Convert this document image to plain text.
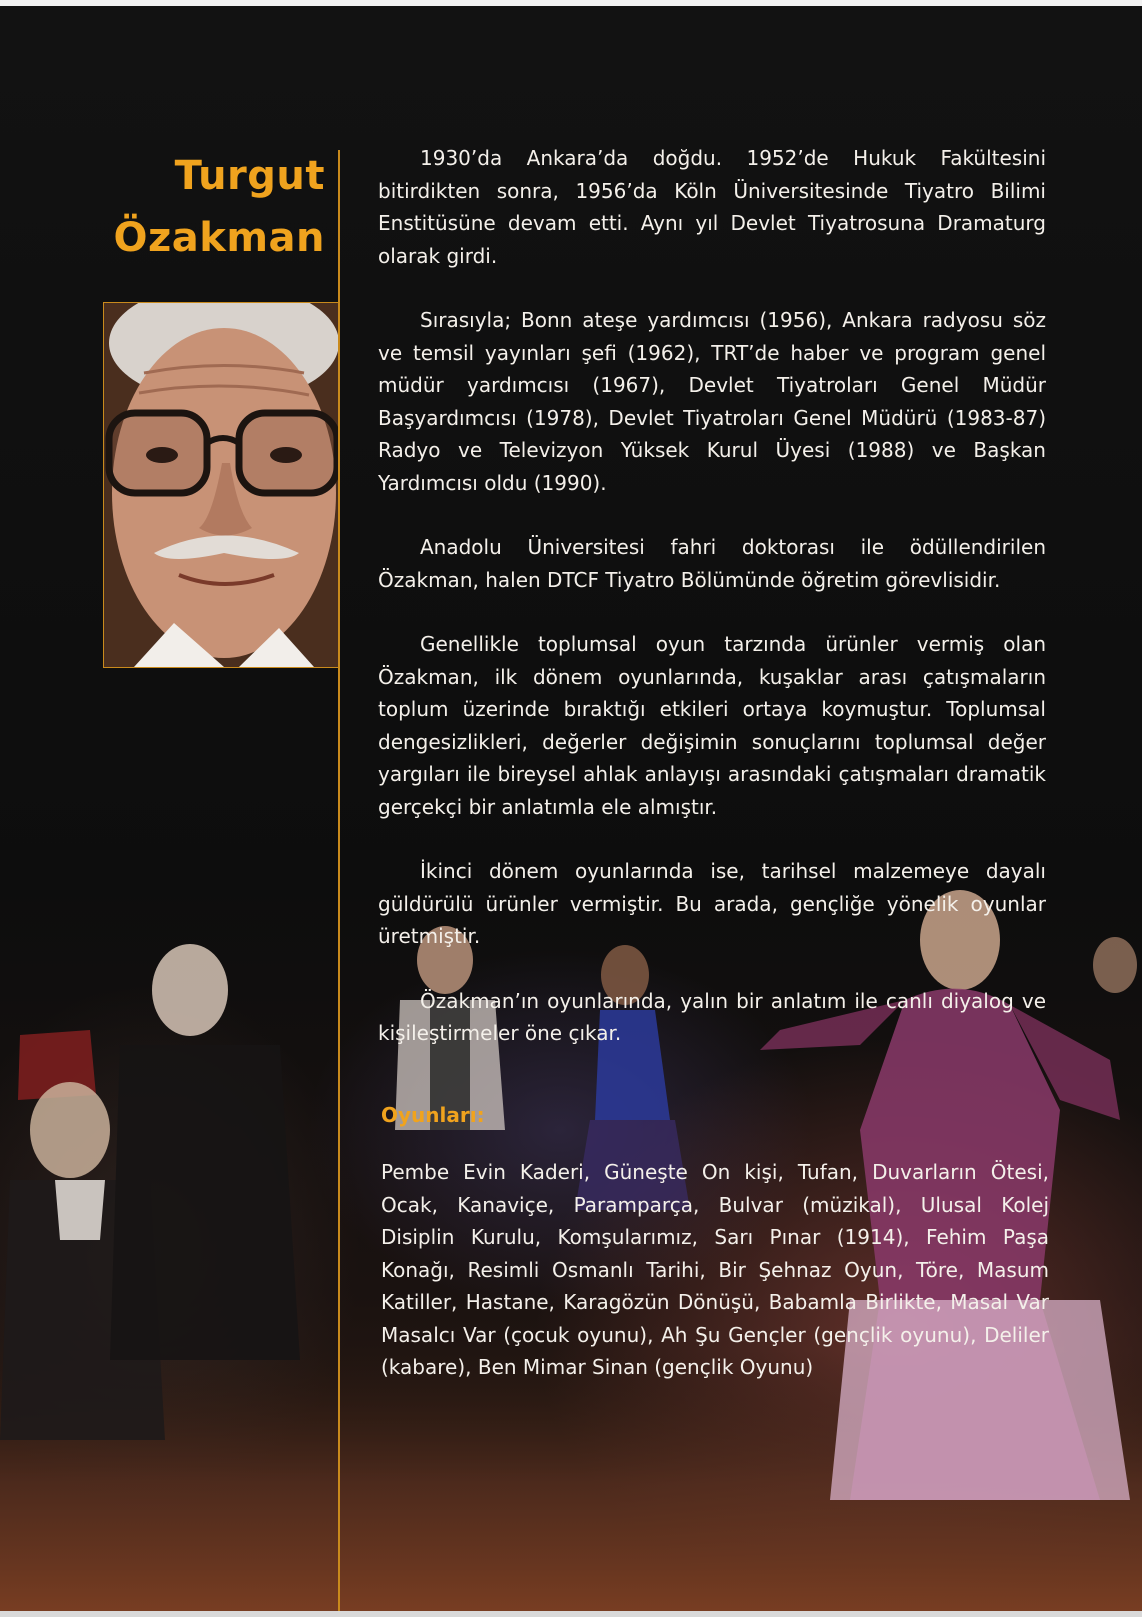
Turgut
Özakman

1930’da Ankara’da doğdu. 1952’de Hukuk Fakültesini bitirdikten sonra, 1956’da Köln Üniversitesinde Tiyatro Bilimi Enstitüsüne devam etti. Aynı yıl Devlet Tiyatrosuna Dramaturg olarak girdi.

Sırasıyla; Bonn ateşe yardımcısı (1956), Ankara radyosu söz ve temsil yayınları şefi (1962), TRT’de haber ve program genel müdür yardımcısı (1967), Devlet Tiyatroları Genel Müdür Başyardımcısı (1978), Devlet Tiyatroları Genel Müdürü (1983-87) Radyo ve Televizyon Yüksek Kurul Üyesi (1988) ve Başkan Yardımcısı oldu (1990).

Anadolu Üniversitesi fahri doktorası ile ödüllendirilen Özakman, halen DTCF Tiyatro Bölümünde öğretim görevlisidir.

Genellikle toplumsal oyun tarzında ürünler vermiş olan Özakman, ilk dönem oyunlarında, kuşaklar arası çatışmaların toplum üzerinde bıraktığı etkileri ortaya koymuştur. Toplumsal dengesizlikleri, değerler değişimin sonuçlarını toplumsal değer yargıları ile bireysel ahlak anlayışı arasındaki çatışmaları dramatik gerçekçi bir anlatımla ele almıştır.

İkinci dönem oyunlarında ise, tarihsel malzemeye dayalı güldürülü ürünler vermiştir. Bu arada, gençliğe yönelik oyunlar üretmiştir.

Özakman’ın oyunlarında, yalın bir anlatım ile canlı diyalog ve kişileştirmeler öne çıkar.

Oyunları:

Pembe Evin Kaderi, Güneşte On kişi, Tufan, Duvarların Ötesi, Ocak, Kanaviçe, Paramparça, Bulvar (müzikal), Ulusal Kolej Disiplin Kurulu, Komşularımız, Sarı Pınar (1914), Fehim Paşa Konağı, Resimli Osmanlı Tarihi, Bir Şehnaz Oyun, Töre, Masum Katiller, Hastane, Karagözün Dönüşü, Babamla Birlikte, Masal Var Masalcı Var (çocuk oyunu), Ah Şu Gençler (gençlik oyunu), Deliler (kabare), Ben Mimar Sinan (gençlik Oyunu)
